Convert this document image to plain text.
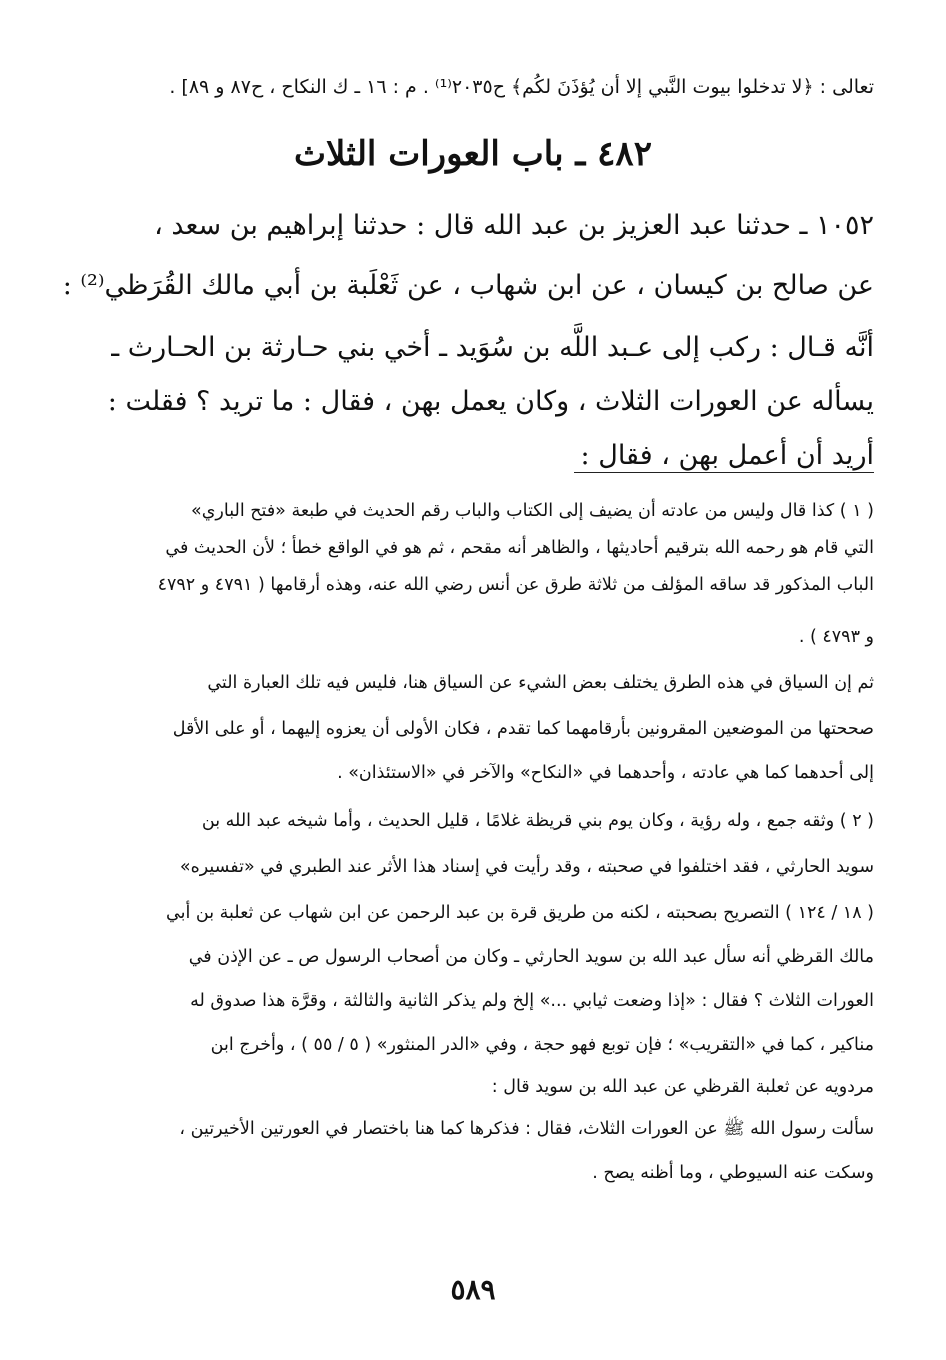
تعالى : ﴿لا تدخلوا بيوت النَّبي إلا أن يُؤذَنَ لكُم﴾ ح٢٠٣٥⁽¹⁾ . م : ١٦ ـ ك النكاح ، ح٨٧ و ٨٩] .
٤٨٢ ـ باب العورات الثلاث
١٠٥٢ ـ حدثنا عبد العزيز بن عبد الله قال : حدثنا إبراهيم بن سعد ،
عن صالح بن كيسان ، عن ابن شهاب ، عن ثَعْلَبة بن أبي مالك القُرَظي⁽²⁾ :
أنَّه قـال : ركب إلى عـبد اللَّه بن سُوَيد ـ أخي بني حـارثة بن الحـارث ـ
يسأله عن العورات الثلاث ، وكان يعمل بهن ، فقال : ما تريد ؟ فقلت :
أريد أن أعمل بهن ، فقال :
( ١ ) كذا قال وليس من عادته أن يضيف إلى الكتاب والباب رقم الحديث في طبعة «فتح الباري»
التي قام هو رحمه الله بترقيم أحاديثها ، والظاهر أنه مقحم ، ثم هو في الواقع خطأ ؛ لأن الحديث في
الباب المذكور قد ساقه المؤلف من ثلاثة طرق عن أنس رضي الله عنه، وهذه أرقامها ( ٤٧٩١ و ٤٧٩٢
و ٤٧٩٣ ) .
ثم إن السياق في هذه الطرق يختلف بعض الشيء عن السياق هنا، فليس فيه تلك العبارة التي
صححتها من الموضعين المقرونين بأرقامهما كما تقدم ، فكان الأولى أن يعزوه إليهما ، أو على الأقل
إلى أحدهما كما هي عادته ، وأحدهما في «النكاح» والآخر في «الاستئذان» .
( ٢ ) وثقه جمع ، وله رؤية ، وكان يوم بني قريظة غلامًا ، قليل الحديث ، وأما شيخه عبد الله بن
سويد الحارثي ، فقد اختلفوا في صحبته ، وقد رأيت في إسناد هذا الأثر عند الطبري في «تفسيره»
( ١٨ / ١٢٤ ) التصريح بصحبته ، لكنه من طريق قرة بن عبد الرحمن عن ابن شهاب عن ثعلبة بن أبي
مالك القرظي أنه سأل عبد الله بن سويد الحارثي ـ وكان من أصحاب الرسول ص ـ عن الإذن في
العورات الثلاث ؟ فقال : «إذا وضعت ثيابي ...» إلخ ولم يذكر الثانية والثالثة ، وقرَّة هذا صدوق له
مناكير ، كما في «التقريب» ؛ فإن توبع فهو حجة ، وفي «الدر المنثور» ( ٥ / ٥٥ ) ، وأخرج ابن
مردويه عن ثعلبة القرظي عن عبد الله بن سويد قال :
سألت رسول الله ﷺ عن العورات الثلاث، فقال : فذكرها كما هنا باختصار في العورتين الأخيرتين ،
وسكت عنه السيوطي ، وما أظنه يصح .
٥٨٩
